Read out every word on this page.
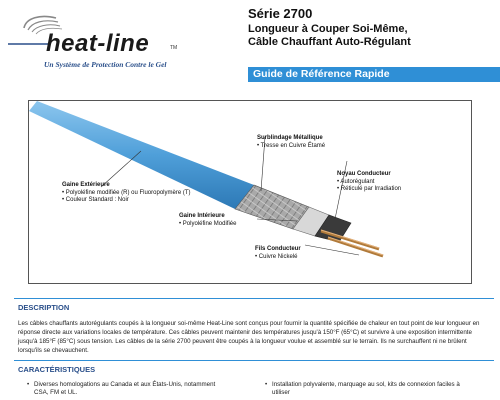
heat-line	TM
Un Système de Protection Contre le Gel
Série 2700
Longueur à Couper Soi-Même,
Câble Chauffant Auto-Régulant
Guide de Référence Rapide
Surblindage Métallique
• Tresse en Cuivre Étamé
Noyau Conducteur
• Autorégulant
• Réticulé par Irradiation
Gaine Extérieure
• Polyoléfine modifiée (R) ou Fluoropolymère (T)
• Couleur Standard : Noir
Gaine Intérieure
• Polyoléfine Modifiée
Fils Conducteur
• Cuivre Nickelé
DESCRIPTION
Les câbles chauffants autorégulants coupés à la longueur soi-même Heat-Line sont conçus pour fournir la quantité spécifiée de chaleur en tout point de leur longueur en réponse directe aux variations locales de température. Ces câbles peuvent maintenir des températures jusqu'à 150°F (65°C) et survivre à une exposition intermittente jusqu'à 185°F (85°C) sous tension. Les câbles de la série 2700 peuvent être coupés à la longueur voulue et assemblé sur le terrain. Ils ne surchauffent ni ne brûlent lorsqu'ils se chevauchent.
CARACTÉRISTIQUES
• Diverses homologations au Canada et aux États-Unis, notamment
CSA, FM et UL.
• Installation polyvalente, marquage au sol, kits de connexion faciles à
utiliser
